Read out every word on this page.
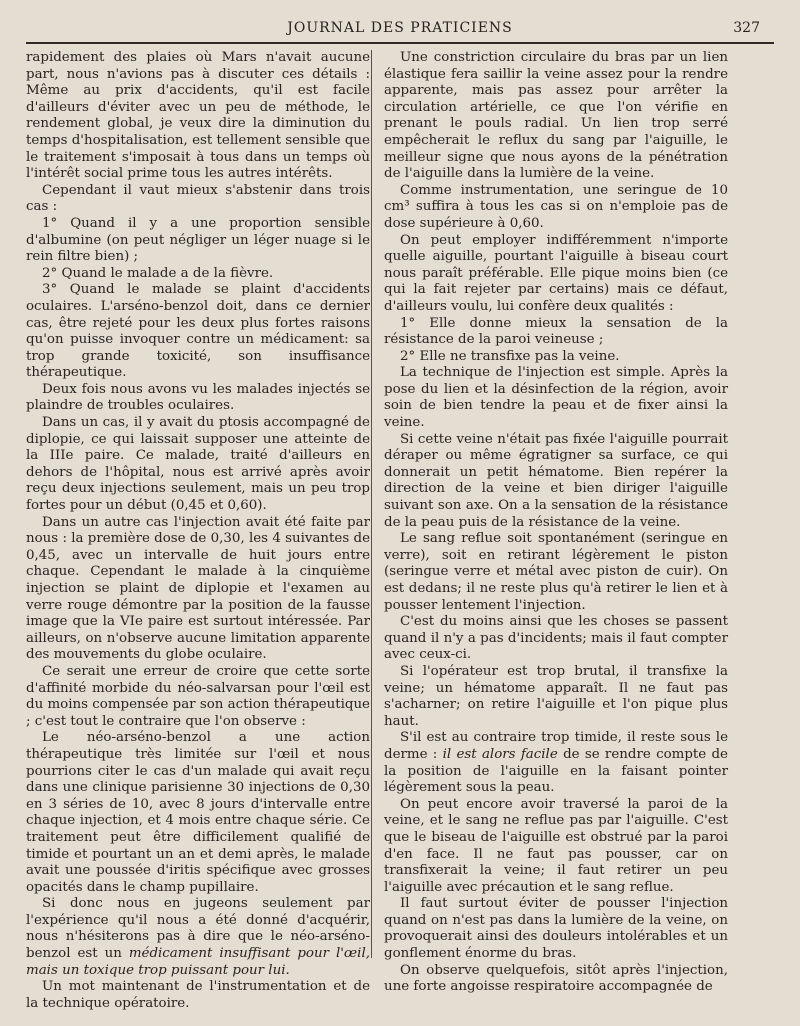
JOURNAL DES PRATICIENS	327

rapidement des plaies où Mars n'avait aucune part, nous n'avions pas à discuter ces détails : Même au prix d'accidents, qu'il est facile d'ailleurs d'éviter avec un peu de méthode, le rendement global, je veux dire la diminution du temps d'hospitalisation, est tellement sensible que le traitement s'imposait à tous dans un temps où l'intérêt social prime tous les autres intérêts.

Cependant il vaut mieux s'abstenir dans trois cas :

1° Quand il y a une proportion sensible d'albumine (on peut négliger un léger nuage si le rein filtre bien) ;

2° Quand le malade a de la fièvre.

3° Quand le malade se plaint d'accidents oculaires. L'arséno-benzol doit, dans ce dernier cas, être rejeté pour les deux plus fortes raisons qu'on puisse invoquer contre un médicament: sa trop grande toxicité, son insuffisance thérapeutique.

Deux fois nous avons vu les malades injectés se plaindre de troubles oculaires.

Dans un cas, il y avait du ptosis accompagné de diplopie, ce qui laissait supposer une atteinte de la IIIe paire. Ce malade, traité d'ailleurs en dehors de l'hôpital, nous est arrivé après avoir reçu deux injections seulement, mais un peu trop fortes pour un début (0,45 et 0,60).

Dans un autre cas l'injection avait été faite par nous : la première dose de 0,30, les 4 suivantes de 0,45, avec un intervalle de huit jours entre chaque. Cependant le malade à la cinquième injection se plaint de diplopie et l'examen au verre rouge démontre par la position de la fausse image que la VIe paire est surtout intéressée. Par ailleurs, on n'observe aucune limitation apparente des mouvements du globe oculaire.

Ce serait une erreur de croire que cette sorte d'affinité morbide du néo-salvarsan pour l'œil est du moins compensée par son action thérapeutique ; c'est tout le contraire que l'on observe :

Le néo-arséno-benzol a une action thérapeutique très limitée sur l'œil et nous pourrions citer le cas d'un malade qui avait reçu dans une clinique parisienne 30 injections de 0,30 en 3 séries de 10, avec 8 jours d'intervalle entre chaque injection, et 4 mois entre chaque série. Ce traitement peut être difficilement qualifié de timide et pourtant un an et demi après, le malade avait une poussée d'iritis spécifique avec grosses opacités dans le champ pupillaire.

Si donc nous en jugeons seulement par l'expérience qu'il nous a été donné d'acquérir, nous n'hésiterons pas à dire que le néo-arséno-benzol est un médicament insuffisant pour l'œil, mais un toxique trop puissant pour lui.

Un mot maintenant de l'instrumentation et de la technique opératoire.

Une constriction circulaire du bras par un lien élastique fera saillir la veine assez pour la rendre apparente, mais pas assez pour arrêter la circulation artérielle, ce que l'on vérifie en prenant le pouls radial. Un lien trop serré empêcherait le reflux du sang par l'aiguille, le meilleur signe que nous ayons de la pénétration de l'aiguille dans la lumière de la veine.

Comme instrumentation, une seringue de 10 cm³ suffira à tous les cas si on n'emploie pas de dose supérieure à 0,60.

On peut employer indifféremment n'importe quelle aiguille, pourtant l'aiguille à biseau court nous paraît préférable. Elle pique moins bien (ce qui la fait rejeter par certains) mais ce défaut, d'ailleurs voulu, lui confère deux qualités :

1° Elle donne mieux la sensation de la résistance de la paroi veineuse ;

2° Elle ne transfixe pas la veine.

La technique de l'injection est simple. Après la pose du lien et la désinfection de la région, avoir soin de bien tendre la peau et de fixer ainsi la veine.

Si cette veine n'était pas fixée l'aiguille pourrait déraper ou même égratigner sa surface, ce qui donnerait un petit hématome. Bien repérer la direction de la veine et bien diriger l'aiguille suivant son axe. On a la sensation de la résistance de la peau puis de la résistance de la veine.

Le sang reflue soit spontanément (seringue en verre), soit en retirant légèrement le piston (seringue verre et métal avec piston de cuir). On est dedans; il ne reste plus qu'à retirer le lien et à pousser lentement l'injection.

C'est du moins ainsi que les choses se passent quand il n'y a pas d'incidents; mais il faut compter avec ceux-ci.

Si l'opérateur est trop brutal, il transfixe la veine; un hématome apparaît. Il ne faut pas s'acharner; on retire l'aiguille et l'on pique plus haut.

S'il est au contraire trop timide, il reste sous le derme : il est alors facile de se rendre compte de la position de l'aiguille en la faisant pointer légèrement sous la peau.

On peut encore avoir traversé la paroi de la veine, et le sang ne reflue pas par l'aiguille. C'est que le biseau de l'aiguille est obstrué par la paroi d'en face. Il ne faut pas pousser, car on transfixerait la veine; il faut retirer un peu l'aiguille avec précaution et le sang reflue.

Il faut surtout éviter de pousser l'injection quand on n'est pas dans la lumière de la veine, on provoquerait ainsi des douleurs intolérables et un gonflement énorme du bras.

On observe quelquefois, sitôt après l'injection, une forte angoisse respiratoire accompagnée de
